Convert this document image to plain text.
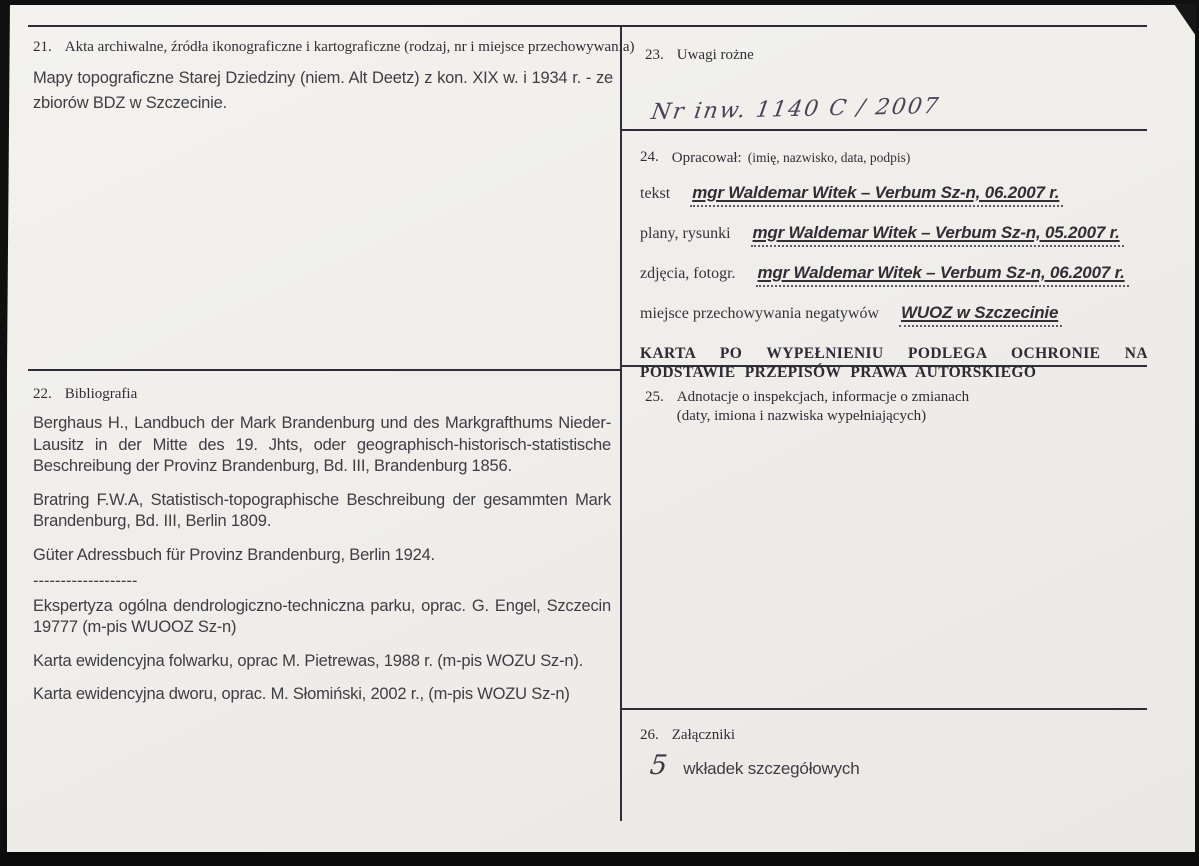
21. Akta archiwalne, źródła ikonograficzne i kartograficzne (rodzaj, nr i miejsce przechowywania)
Mapy topograficzne Starej Dziedziny (niem. Alt Deetz) z kon. XIX w. i 1934 r. - ze zbiorów BDZ w Szczecinie.
23. Uwagi rożne
Nr inw. 1140 C / 2007
24. Opracował: (imię, nazwisko, data, podpis)
tekst mgr Waldemar Witek – Verbum Sz-n, 06.2007 r.
plany, rysunki mgr Waldemar Witek – Verbum Sz-n, 05.2007 r.
zdjęcia, fotogr. mgr Waldemar Witek – Verbum Sz-n, 06.2007 r.
miejsce przechowywania negatywów WUOZ w Szczecinie
KARTA PO WYPEŁNIENIU PODLEGA OCHRONIE NA PODSTAWIE PRZEPISÓW PRAWA AUTORSKIEGO
22. Bibliografia

Berghaus H., Landbuch der Mark Brandenburg und des Markgrafthums Nieder-Lausitz in der Mitte des 19. Jhts, oder geographisch-historisch-statistische Beschreibung der Provinz Brandenburg, Bd. III, Brandenburg 1856.

Bratring F.W.A, Statistisch-topographische Beschreibung der gesammten Mark Brandenburg, Bd. III, Berlin 1809.

Güter Adressbuch für Provinz Brandenburg, Berlin 1924.

-------------------

Ekspertyza ogólna dendrologiczno-techniczna parku, oprac. G. Engel, Szczecin 19777 (m-pis WUOOZ Sz-n)

Karta ewidencyjna folwarku, oprac M. Pietrewas, 1988 r. (m-pis WOZU Sz-n).

Karta ewidencyjna dworu, oprac. M. Słomiński, 2002 r., (m-pis WOZU Sz-n)

25. Adnotacje o inspekcjach, informacje o zmianach
(daty, imiona i nazwiska wypełniających)
26. Załączniki
5 wkładek szczegółowych
